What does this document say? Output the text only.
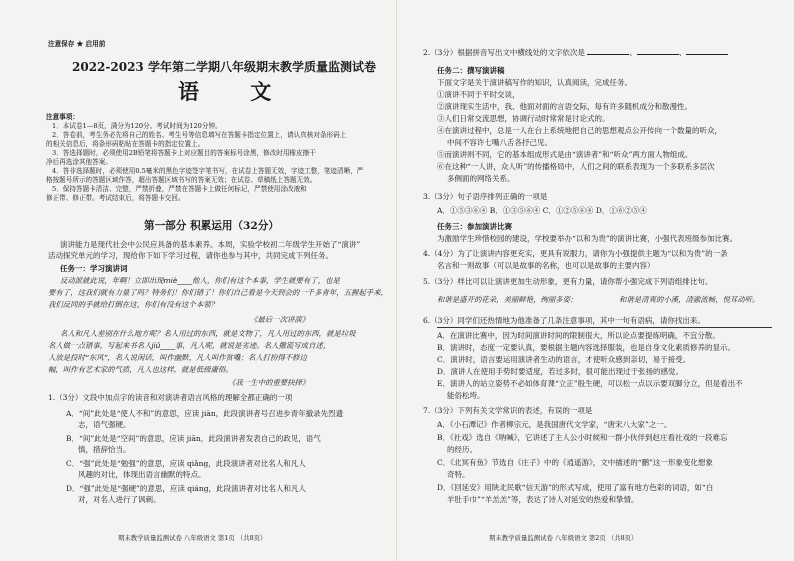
注意保存 ★ 启用前
2022-2023 学年第二学期八年级期末教学质量监测试卷
语 文
注意事项：
1．本试卷1—8页，满分为120分。考试时间为120分钟。
2．答卷前，考生务必先将自己的姓名、考生号等信息填写在答题卡指定位置上，请认真核对条形码上
的相关信息后，将条形码粘贴在答题卡的指定位置上。
3．答选择题时，必须使用2B铅笔将答题卡上对应题目的答案标号涂黑，修改时用橡皮擦干
净后再选涂其他答案。
4．答非选择题时，必须使用0.5毫米的黑色字迹签字笔书写，在试卷上答题无效，字迹工整，笔迹清晰，严
格按题号所示的答题区域作答，超出答题区域书写的答案无效；在试卷、草稿纸上答题无效。
5．保持答题卡清洁、完整，严禁折叠，严禁在答题卡上做任何标记，严禁使用涂改液和
修正带、修正带。考试结束后，将答题卡交回。
第一部分 积累运用（32分）
演讲能力是现代社会中公民应具备的基本素养。本周，实验学校初二年级学生开始了“演讲”
活动探究单元的学习，现给你下如下学习过程，请你也参与其中，共同完成下列任务。
任务一：学习演讲词
反动派就此说，年啊！立即出现miè____他人，你们有这个本事，学生就要有了，也是
要有了，这我们就有力量了吗？特务们！你们错了！你们自己看是今天到会的一千多青年，五握起手来，
我们反同的手就给打倒在这，你们有没有这个本领？
《最后一次讲演》
名人和凡人差别在什么地方呢？名人用过的东西，就是文物了，凡人用过的东西，就是垃圾
名人做一点错事，写起来书名人jiǔ____事，凡人呢，就说是劣迹。名人撒谎写成自述，
人放是投时“东风”，名人说闲话，叫作幽默，凡人叫作贫嘴；名人打扮得不修边
幅，叫作有艺术家的气质，凡人也这样，就是低级庸俗。
《我一生中的重要抉择》
1.（3分）文段中加点字的读音和对演讲者语言风格的理解全都正确的一项
A．“间”此处是“使人不和”的意思，应读 jiàn，此段演讲者号召进步青年撤录先烈遗
志，语气强硬。
B．“间”此处是“空间”的意思，应读 jiān，此段演讲者发表自己的政见，语气
慎，措辞恰当。
C．“强”此处是“勉强”的意思，应读 qiǎng，此段演讲者对比名人和凡人
风趣的对比，体现出语言幽默的特点。
D．“强”此处是“强硬”的意思，应读 qiáng，此段演讲者对比名人和凡人
对，对名人进行了讽刺。
期末教学质量监测试卷 八年级语文 第1页 （共8页）
2.（3分）根据拼音写出文中横线处的文字依次是	、	、
任务二：撰写演讲稿
下面文字是关于演讲稿写作的知识，认真阅读，完成任务。
①演讲不同于平时交谈，
②演讲现实生活中，我、他面对面的言语交际，每有许多随机成分和散漫性。
③人们日常交流思想，协调行动时常常是讨论式的。
④在演讲过程中，总是一人在台上系统地把自己的思想观点公开传向一个数量的听众，
中间不容许七嘴八舌各抒己见。
⑤而演讲则不同，它的基本组成形式是由“演讲者”和“听众”两方面人物组成。
⑥在这种“一人讲，众人听”的传播格局中，人们之间的联系表现为一个多联系多层次
多侧面的网络关系。
3.（3分）句子语序排列正确的一项是
A．①⑤③⑥④ B．①③⑤⑥④ C．①②⑤⑥④ D．①⑥②⑤④
任务三：参加演讲比赛
为激励学生珍惜校园的建设，学校要举办“以和为贵”的演讲比赛，小强代表班级参加比赛。
4.（4分）为了让演讲内容更充实，更具有说服力，请你为小强提供主题为“以和为贵”的一条
名言和一则故事（可以是故事的名称，也可以是故事的主要内容）
5.（3分）样比可以让演讲更加生动形象，更有力量，请你帮小强完成下列语组排比句。
和谐是盛开的花朵，美丽鲜艳，绚丽多姿；	和谐是清爽的小溪，清澈流畅，悦耳动听。
6.（3分）同学们还热情地为他准备了几条注意事项，其中一句有语病，请你找出来。
A．在演讲比赛中，因为时间演讲时间的限制很大，所以论点要提炼明确，不宜分散。
B．演讲时，态度一定要认真，要根据主题内容选择服装，也是自身文化素质修养的显示。
C．演讲时，语言要运用演讲者生动的语言，才使听众感到亲切，易于接受。
D．演讲人在使用手势时要适度，若过多时，很可能出现过于张扬的感觉。
E．演讲人的站立姿势不必如体育课“立正”般生硬，可以松一点以示要双脚分立，但是看出不
能俗松垮。
7.（3分）下列有关文学常识的表述，有误的一项是
A．《小石潭记》作者柳宗元，是我国唐代文学家，“唐宋八大家”之一。
B．《社戏》选自《呐喊》，它讲述了主人公小时候和一群小伙伴到赵庄看社戏的一段难忘
的经历。
C．《北冥有鱼》节选自《庄子》中的《逍遥游》，文中描述的“鹏”这一形象变化想象
奇特。
D．《回延安》用陕北民歌“信天游”的形式写成，使用了富有地方色彩的词语，如“白
羊肚手巾”“羊羔羔”等，表达了诗人对延安的热爱和挚情。
期末教学质量监测试卷 八年级语文 第2页 （共8页）
